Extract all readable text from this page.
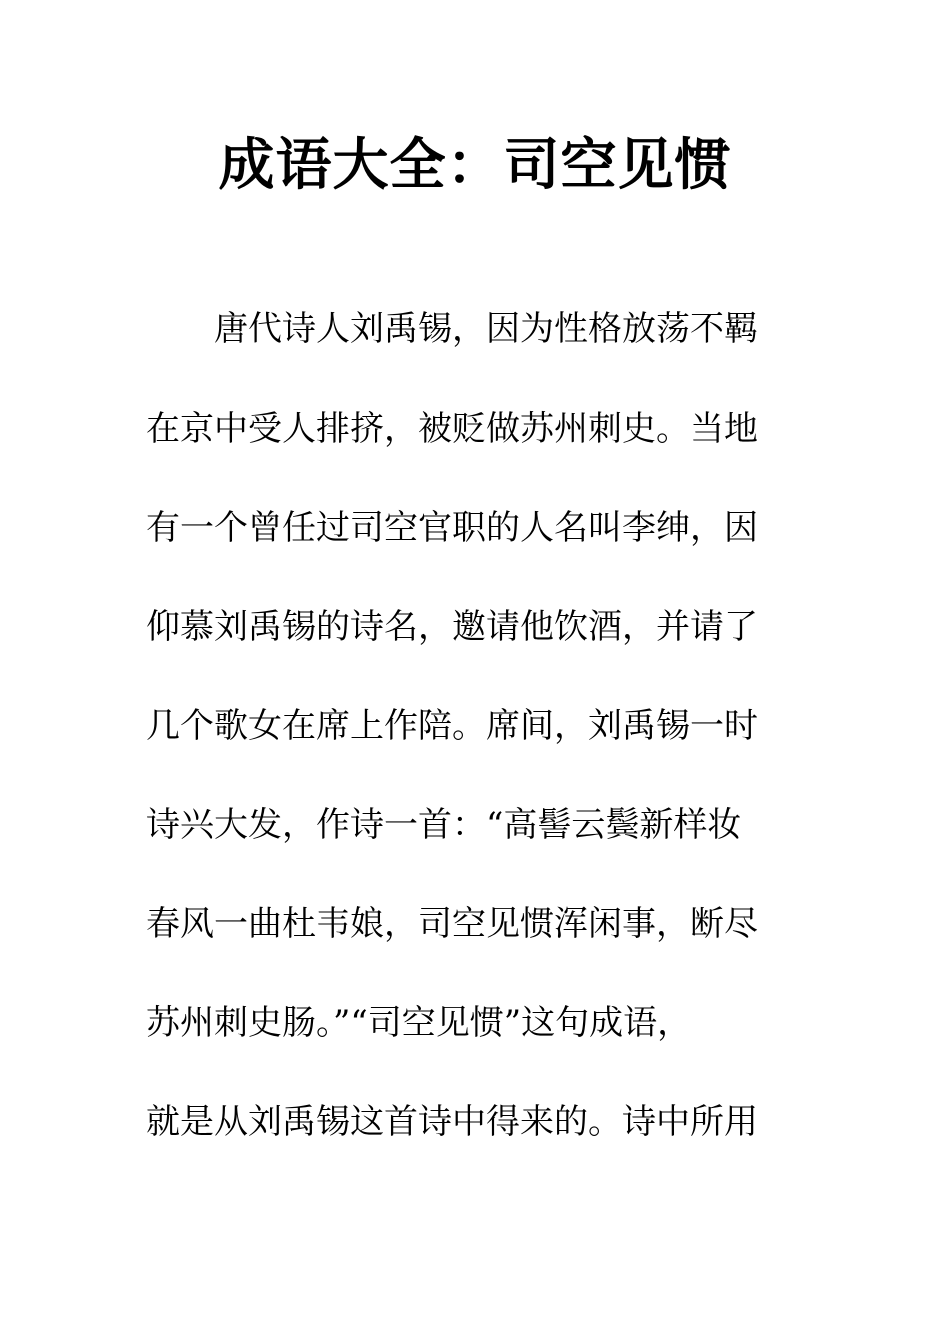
成语大全：司空见惯

　　唐代诗人刘禹锡，因为性格放荡不羁

在京中受人排挤，被贬做苏州刺史。当地

有一个曾任过司空官职的人名叫李绅，因

仰慕刘禹锡的诗名，邀请他饮酒，并请了

几个歌女在席上作陪。席间，刘禹锡一时

诗兴大发，作诗一首：“高髻云鬓新样妆

春风一曲杜韦娘，司空见惯浑闲事，断尽

苏州刺史肠。”“司空见惯”这句成语，

就是从刘禹锡这首诗中得来的。诗中所用
